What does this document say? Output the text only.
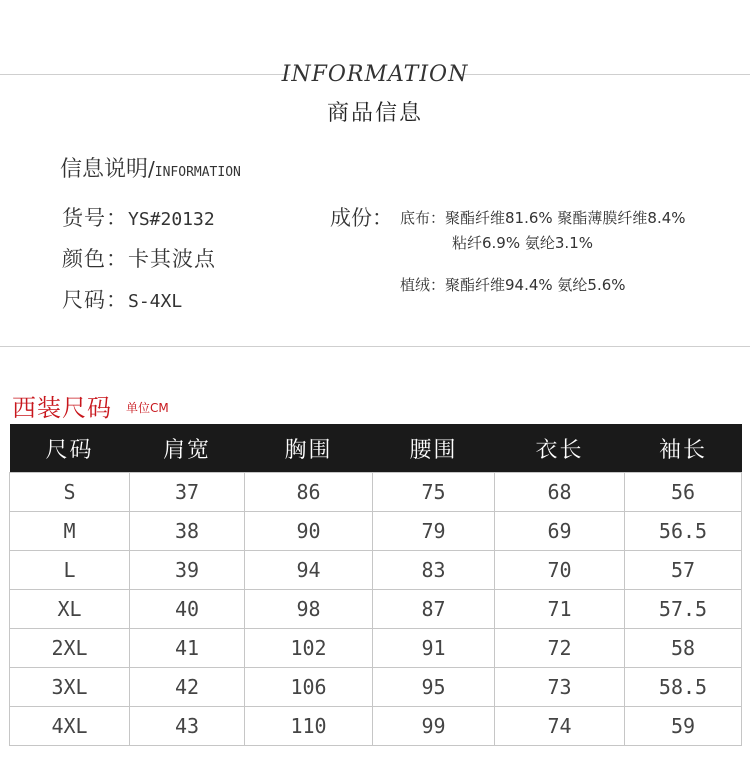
INFORMATION
商品信息
信息说明/INFORMATION
货号：YS#20132
颜色：卡其波点
尺码：S-4XL
成份： 底布：聚酯纤维81.6% 聚酯薄膜纤维8.4%
粘纤6.9% 氨纶3.1%
植绒：聚酯纤维94.4% 氨纶5.6%
西装尺码 单位CM
尺码	肩宽	胸围	腰围	衣长	袖长
S	37	86	75	68	56
M	38	90	79	69	56.5
L	39	94	83	70	57
XL	40	98	87	71	57.5
2XL	41	102	91	72	58
3XL	42	106	95	73	58.5
4XL	43	110	99	74	59
